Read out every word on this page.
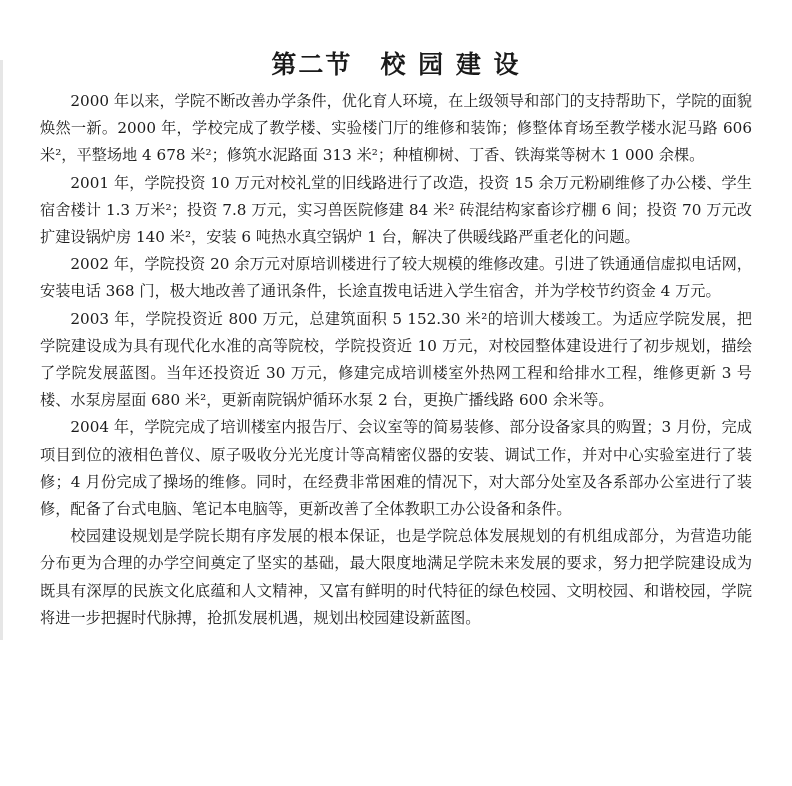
第二节 校 园 建 设

2000 年以来，学院不断改善办学条件，优化育人环境，在上级领导和部门的支持帮助下，学院的面貌焕然一新。2000 年，学校完成了教学楼、实验楼门厅的维修和装饰；修整体育场至教学楼水泥马路 606 米²，平整场地 4 678 米²；修筑水泥路面 313 米²；种植柳树、丁香、铁海棠等树木 1 000 余棵。

2001 年，学院投资 10 万元对校礼堂的旧线路进行了改造，投资 15 余万元粉刷维修了办公楼、学生宿舍楼计 1.3 万米²；投资 7.8 万元，实习兽医院修建 84 米² 砖混结构家畜诊疗棚 6 间；投资 70 万元改扩建设锅炉房 140 米²，安装 6 吨热水真空锅炉 1 台，解决了供暖线路严重老化的问题。

2002 年，学院投资 20 余万元对原培训楼进行了较大规模的维修改建。引进了铁通通信虚拟电话网，安装电话 368 门，极大地改善了通讯条件，长途直拨电话进入学生宿舍，并为学校节约资金 4 万元。

2003 年，学院投资近 800 万元，总建筑面积 5 152.30 米²的培训大楼竣工。为适应学院发展，把学院建设成为具有现代化水准的高等院校，学院投资近 10 万元，对校园整体建设进行了初步规划，描绘了学院发展蓝图。当年还投资近 30 万元，修建完成培训楼室外热网工程和给排水工程，维修更新 3 号楼、水泵房屋面 680 米²，更新南院锅炉循环水泵 2 台，更换广播线路 600 余米等。

2004 年，学院完成了培训楼室内报告厅、会议室等的简易装修、部分设备家具的购置；3 月份，完成项目到位的液相色普仪、原子吸收分光光度计等高精密仪器的安装、调试工作，并对中心实验室进行了装修；4 月份完成了操场的维修。同时，在经费非常困难的情况下，对大部分处室及各系部办公室进行了装修，配备了台式电脑、笔记本电脑等，更新改善了全体教职工办公设备和条件。

校园建设规划是学院长期有序发展的根本保证，也是学院总体发展规划的有机组成部分，为营造功能分布更为合理的办学空间奠定了坚实的基础，最大限度地满足学院未来发展的要求，努力把学院建设成为既具有深厚的民族文化底蕴和人文精神，又富有鲜明的时代特征的绿色校园、文明校园、和谐校园，学院将进一步把握时代脉搏，抢抓发展机遇，规划出校园建设新蓝图。
